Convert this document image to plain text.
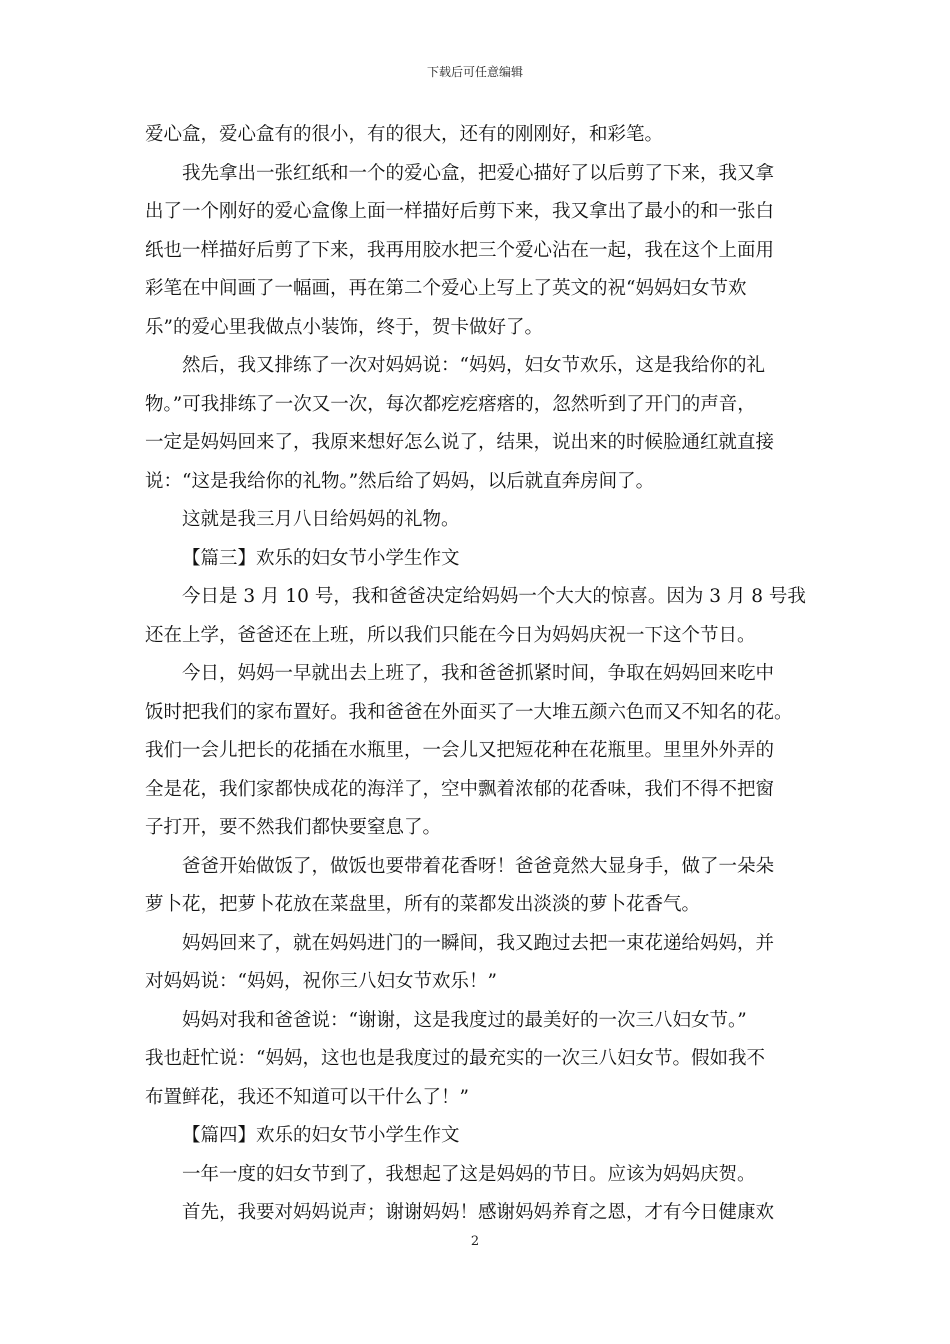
下载后可任意编辑
爱心盒，爱心盒有的很小，有的很大，还有的刚刚好，和彩笔。
我先拿出一张红纸和一个的爱心盒，把爱心描好了以后剪了下来，我又拿
出了一个刚好的爱心盒像上面一样描好后剪下来，我又拿出了最小的和一张白
纸也一样描好后剪了下来，我再用胶水把三个爱心沾在一起，我在这个上面用
彩笔在中间画了一幅画，再在第二个爱心上写上了英文的祝“妈妈妇女节欢
乐”的爱心里我做点小装饰，终于，贺卡做好了。
然后，我又排练了一次对妈妈说：“妈妈，妇女节欢乐，这是我给你的礼
物。”可我排练了一次又一次，每次都疙疙瘩瘩的，忽然听到了开门的声音，
一定是妈妈回来了，我原来想好怎么说了，结果，说出来的时候脸通红就直接
说：“这是我给你的礼物。”然后给了妈妈，以后就直奔房间了。
这就是我三月八日给妈妈的礼物。
【篇三】欢乐的妇女节小学生作文
今日是 3 月 10 号，我和爸爸决定给妈妈一个大大的惊喜。因为 3 月 8 号我
还在上学，爸爸还在上班，所以我们只能在今日为妈妈庆祝一下这个节日。
今日，妈妈一早就出去上班了，我和爸爸抓紧时间，争取在妈妈回来吃中
饭时把我们的家布置好。我和爸爸在外面买了一大堆五颜六色而又不知名的花。
我们一会儿把长的花插在水瓶里，一会儿又把短花种在花瓶里。里里外外弄的
全是花，我们家都快成花的海洋了，空中飘着浓郁的花香味，我们不得不把窗
子打开，要不然我们都快要窒息了。
爸爸开始做饭了，做饭也要带着花香呀！爸爸竟然大显身手，做了一朵朵
萝卜花，把萝卜花放在菜盘里，所有的菜都发出淡淡的萝卜花香气。
妈妈回来了，就在妈妈进门的一瞬间，我又跑过去把一束花递给妈妈，并
对妈妈说：“妈妈，祝你三八妇女节欢乐！”
妈妈对我和爸爸说：“谢谢，这是我度过的最美好的一次三八妇女节。”
我也赶忙说：“妈妈，这也也是我度过的最充实的一次三八妇女节。假如我不
布置鲜花，我还不知道可以干什么了！”
【篇四】欢乐的妇女节小学生作文
一年一度的妇女节到了，我想起了这是妈妈的节日。应该为妈妈庆贺。
首先，我要对妈妈说声；谢谢妈妈！感谢妈妈养育之恩，才有今日健康欢
2
